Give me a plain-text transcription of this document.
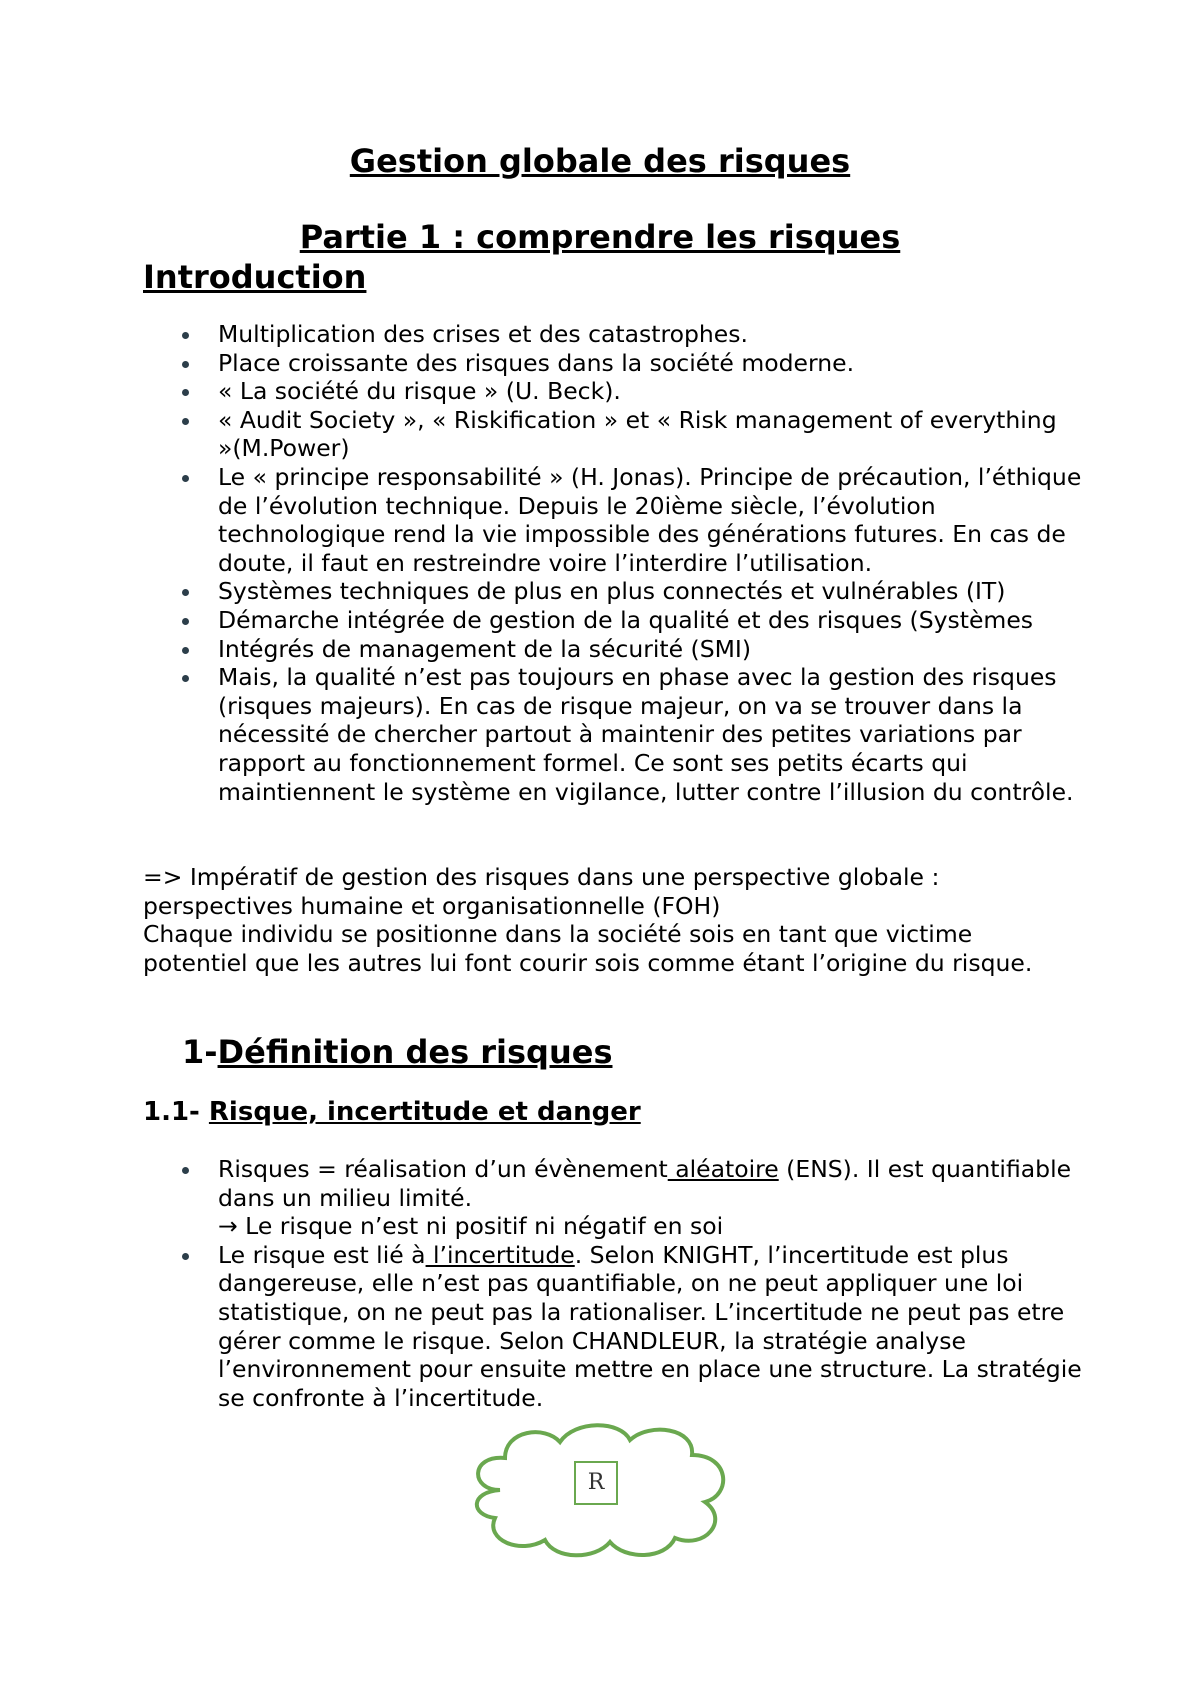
Gestion globale des risques
Partie 1 : comprendre les risques
Introduction
Multiplication des crises et des catastrophes.
Place croissante des risques dans la société moderne.
« La société du risque » (U. Beck).
« Audit Society », « Riskification » et « Risk management of everything »(M.Power)
Le « principe responsabilité » (H. Jonas). Principe de précaution, l’éthique de l’évolution technique. Depuis le 20ième siècle, l’évolution technologique rend la vie impossible des générations futures. En cas de doute, il faut en restreindre voire l’interdire l’utilisation.
Systèmes techniques de plus en plus connectés et vulnérables (IT)
Démarche intégrée de gestion de la qualité et des risques (Systèmes
Intégrés de management de la sécurité (SMI)
Mais, la qualité n’est pas toujours en phase avec la gestion des risques (risques majeurs). En cas de risque majeur, on va se trouver dans la nécessité de chercher partout à maintenir des petites variations par rapport au fonctionnement formel. Ce sont ses petits écarts qui maintiennent le système en vigilance, lutter contre l’illusion du contrôle.
=> Impératif de gestion des risques dans une perspective globale : perspectives humaine et organisationnelle (FOH)
Chaque individu se positionne dans la société sois en tant que victime potentiel que les autres lui font courir sois comme étant l’origine du risque.
1-Définition des risques
1.1- Risque, incertitude et danger
Risques = réalisation d’un évènement aléatoire (ENS). Il est quantifiable dans un milieu limité.
→ Le risque n’est ni positif ni négatif en soi
Le risque est lié à l’incertitude. Selon KNIGHT, l’incertitude est plus dangereuse, elle n’est pas quantifiable, on ne peut appliquer une loi statistique, on ne peut pas la rationaliser. L’incertitude ne peut pas etre gérer comme le risque. Selon CHANDLEUR, la stratégie analyse l’environnement pour ensuite mettre en place une structure. La stratégie se confronte à l’incertitude.
R
